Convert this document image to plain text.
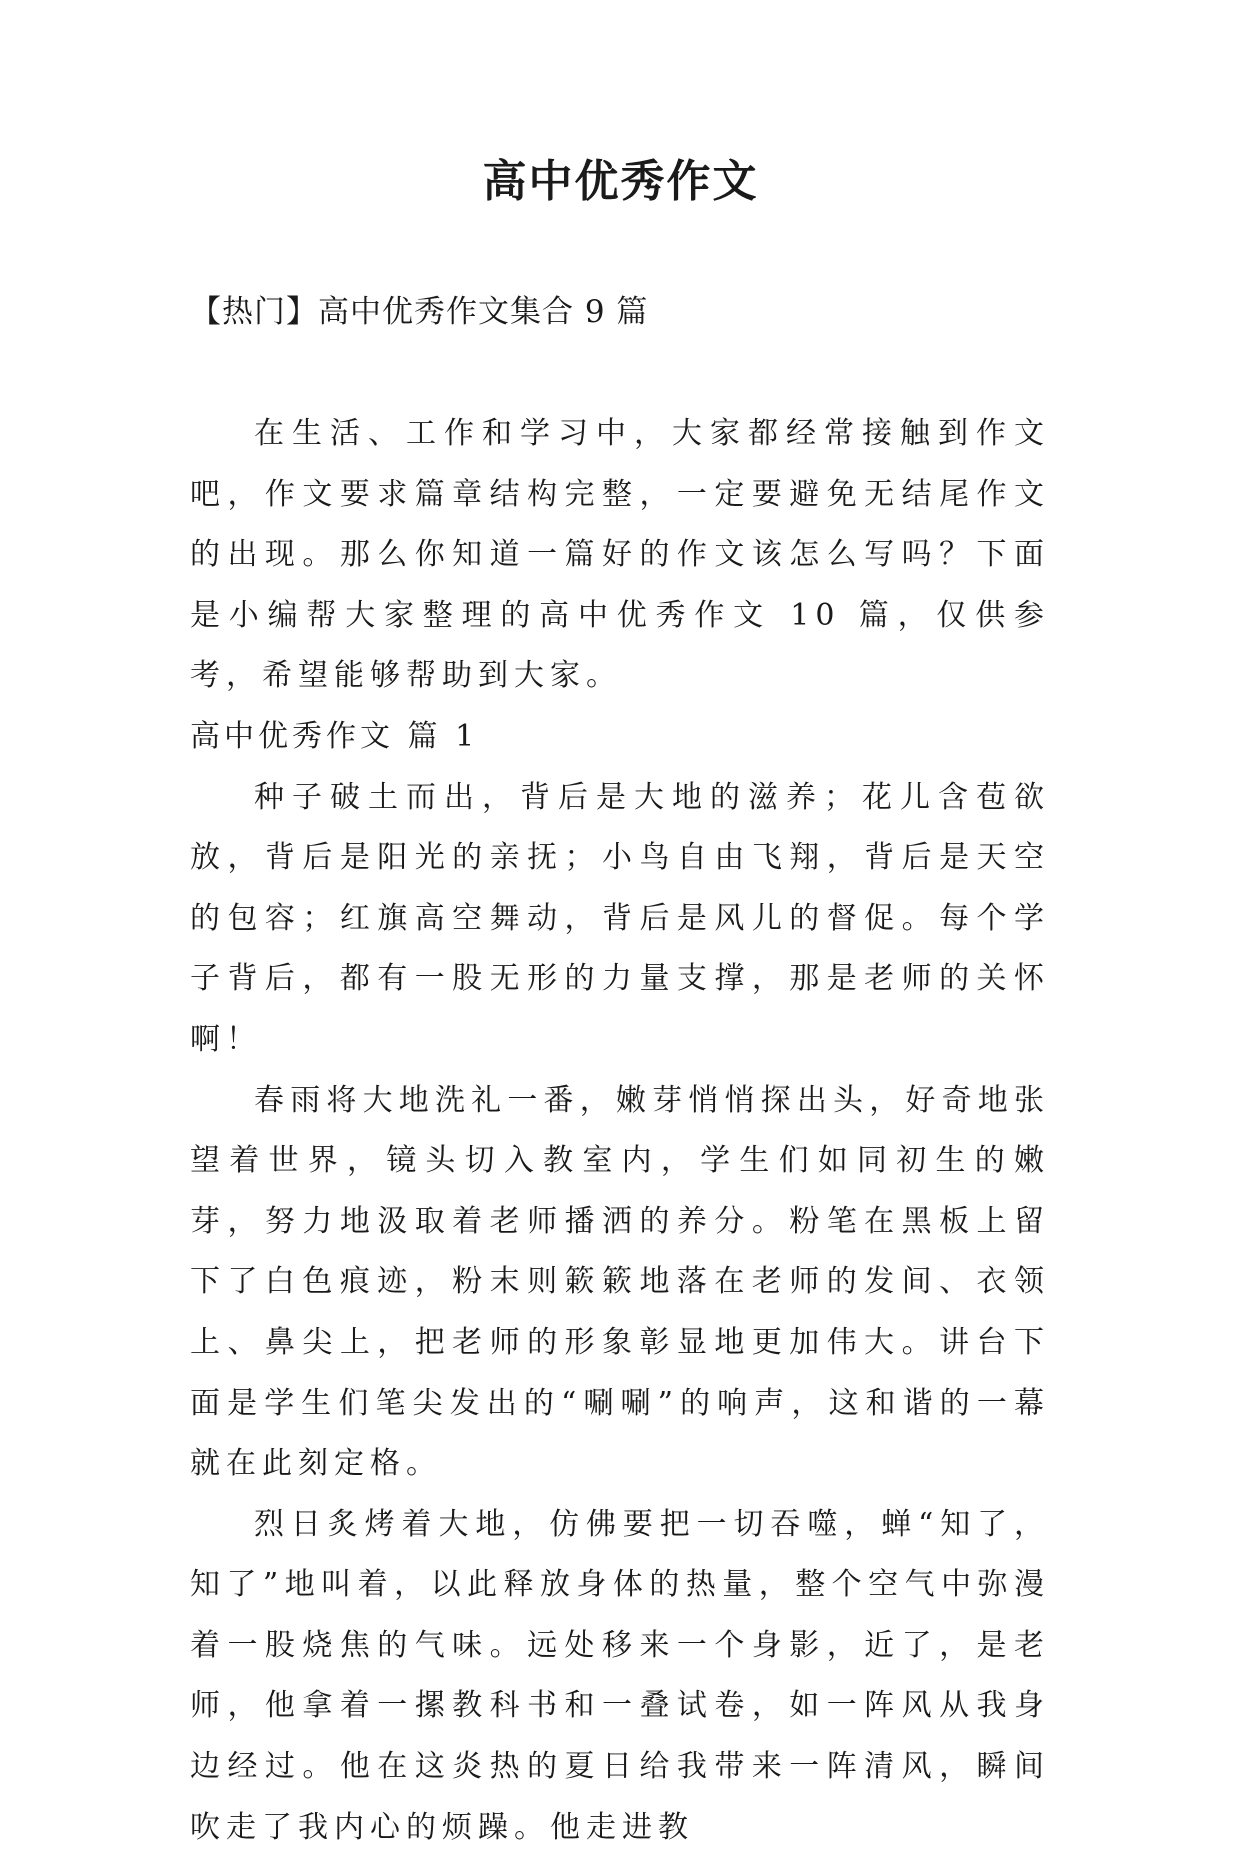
高中优秀作文
【热门】高中优秀作文集合 9 篇

在生活、工作和学习中，大家都经常接触到作文吧，作文要求篇章结构完整，一定要避免无结尾作文的出现。那么你知道一篇好的作文该怎么写吗？下面是小编帮大家整理的高中优秀作文 10 篇，仅供参考，希望能够帮助到大家。

高中优秀作文 篇 1

种子破土而出，背后是大地的滋养；花儿含苞欲放，背后是阳光的亲抚；小鸟自由飞翔，背后是天空的包容；红旗高空舞动，背后是风儿的督促。每个学子背后，都有一股无形的力量支撑，那是老师的关怀啊！

春雨将大地洗礼一番，嫩芽悄悄探出头，好奇地张望着世界，镜头切入教室内，学生们如同初生的嫩芽，努力地汲取着老师播洒的养分。粉笔在黑板上留下了白色痕迹，粉末则簌簌地落在老师的发间、衣领上、鼻尖上，把老师的形象彰显地更加伟大。讲台下面是学生们笔尖发出的“唰唰”的响声，这和谐的一幕就在此刻定格。

烈日炙烤着大地，仿佛要把一切吞噬，蝉“知了，知了”地叫着，以此释放身体的热量，整个空气中弥漫着一股烧焦的气味。远处移来一个身影，近了，是老师，他拿着一摞教科书和一叠试卷，如一阵风从我身边经过。他在这炎热的夏日给我带来一阵清风，瞬间吹走了我内心的烦躁。他走进教
